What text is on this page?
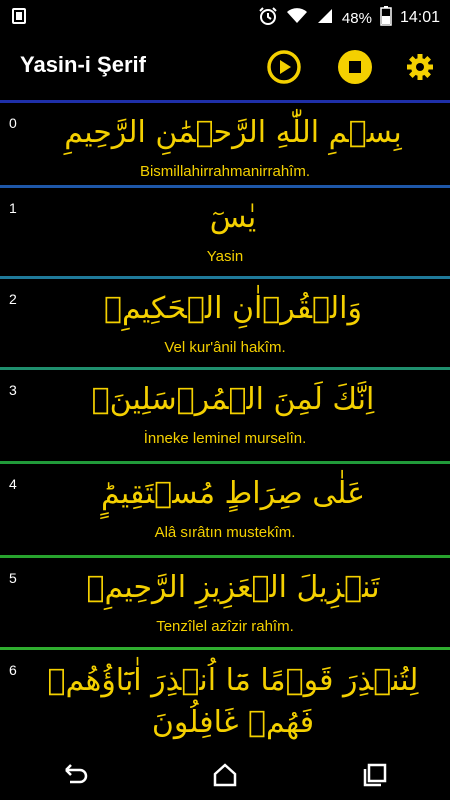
48% 14:01
Yasin-i Şerif
0	بِسۡمِ اللّٰهِ الرَّحۡمَٰنِ الرَّحِيمِ
Bismillahirrahmanirrahîm.
1	يٰسٓ
Yasin
2	وَالۡقُرۡاٰنِ الۡحَكِيمِۙ
Vel kur'ânil hakîm.
3	اِنَّكَ لَمِنَ الۡمُرۡسَلِينَۙ
İnneke leminel murselîn.
4	عَلٰى صِرَاطٍ مُسۡتَقِيمٍؕ
Alâ sırâtın mustekîm.
5	تَنۡزِيلَ الۡعَزِيزِ الرَّحِيمِۙ
Tenzîlel azîzir rahîm.
6	لِتُنۡذِرَ قَوۡمًا مَٓا اُنۡذِرَ اٰبَٓاؤُهُمۡ فَهُمۡ غَافِلُونَ
